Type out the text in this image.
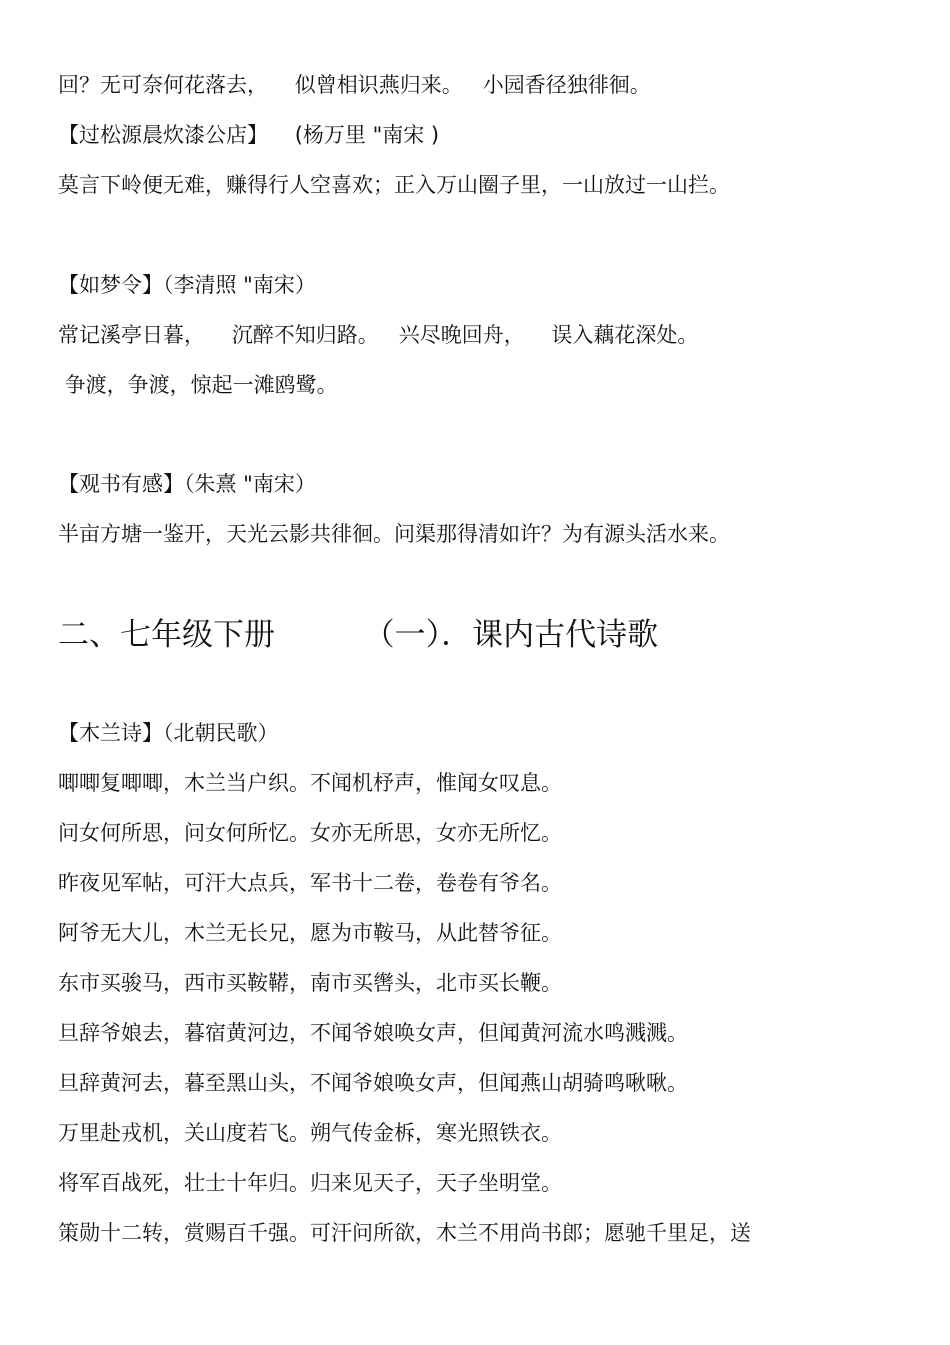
回？无可奈何花落去，    似曾相识燕归来。   小园香径独徘徊。
【过松源晨炊漆公店】    (杨万里 "南宋 )
莫言下岭便无难，赚得行人空喜欢；正入万山圈子里，一山放过一山拦。
【如梦令】（李清照 "南宋）
常记溪亭日暮，    沉醉不知归路。   兴尽晚回舟，    误入藕花深处。
争渡，争渡，惊起一滩鸥鹭。
【观书有感】（朱熹 "南宋）
半亩方塘一鉴开，天光云影共徘徊。问渠那得清如许？为有源头活水来。
二、七年级下册         （一）．课内古代诗歌
【木兰诗】（北朝民歌）
唧唧复唧唧，木兰当户织。不闻机杼声，惟闻女叹息。
问女何所思，问女何所忆。女亦无所思，女亦无所忆。
昨夜见军帖，可汗大点兵，军书十二卷，卷卷有爷名。
阿爷无大儿，木兰无长兄，愿为市鞍马，从此替爷征。
东市买骏马，西市买鞍鞯，南市买辔头，北市买长鞭。
旦辞爷娘去，暮宿黄河边，不闻爷娘唤女声，但闻黄河流水鸣溅溅。
旦辞黄河去，暮至黑山头，不闻爷娘唤女声，但闻燕山胡骑鸣啾啾。
万里赴戎机，关山度若飞。朔气传金柝，寒光照铁衣。
将军百战死，壮士十年归。归来见天子，天子坐明堂。
策勋十二转，赏赐百千强。可汗问所欲，木兰不用尚书郎；愿驰千里足，送
